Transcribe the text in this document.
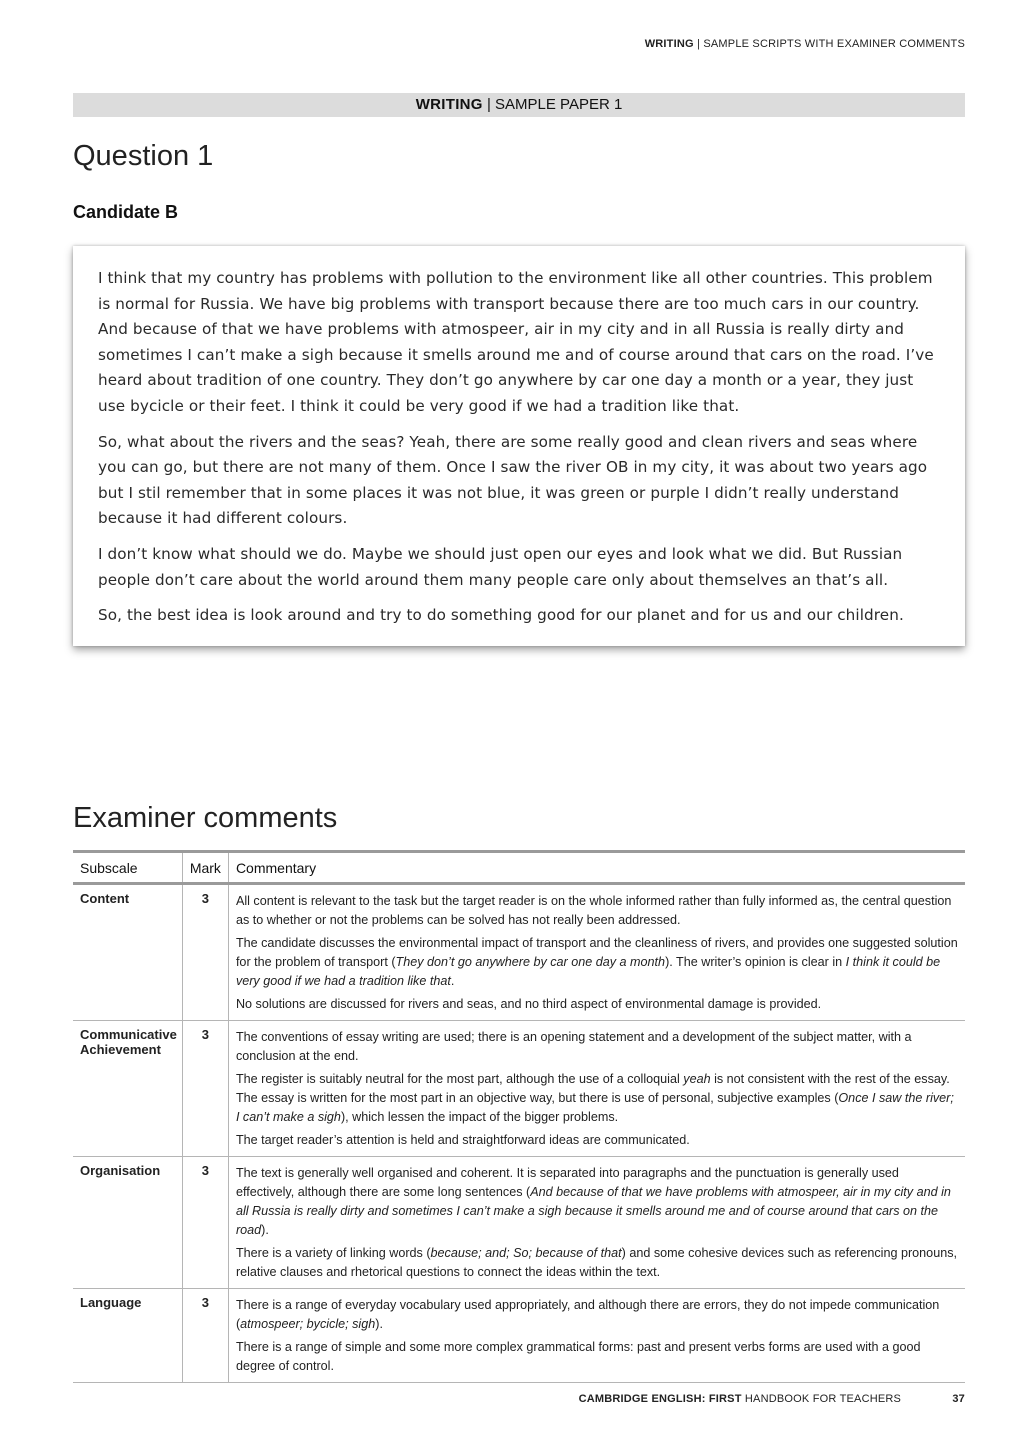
WRITING | SAMPLE SCRIPTS WITH EXAMINER COMMENTS
WRITING | SAMPLE PAPER 1
Question 1
Candidate B

I think that my country has problems with pollution to the environment like all other countries. This problem is normal for Russia. We have big problems with transport because there are too much cars in our country. And because of that we have problems with atmospeer, air in my city and in all Russia is really dirty and sometimes I can’t make a sigh because it smells around me and of course around that cars on the road. I’ve heard about tradition of one country. They don’t go anywhere by car one day a month or a year, they just use bycicle or their feet. I think it could be very good if we had a tradition like that.

So, what about the rivers and the seas? Yeah, there are some really good and clean rivers and seas where you can go, but there are not many of them. Once I saw the river OB in my city, it was about two years ago but I stil remember that in some places it was not blue, it was green or purple I didn’t really understand because it had different colours.

I don’t know what should we do. Maybe we should just open our eyes and look what we did. But Russian people don’t care about the world around them many people care only about themselves an that’s all.

So, the best idea is look around and try to do something good for our planet and for us and our children.

Examiner comments
Subscale	Mark	Commentary
Content	3	All content is relevant to the task but the target reader is on the whole informed rather than fully informed as, the central question as to whether or not the problems can be solved has not really been addressed.

The candidate discusses the environmental impact of transport and the cleanliness of rivers, and provides one suggested solution for the problem of transport (They don’t go anywhere by car one day a month). The writer’s opinion is clear in I think it could be very good if we had a tradition like that.

No solutions are discussed for rivers and seas, and no third aspect of environmental damage is provided.

Communicative Achievement	3	The conventions of essay writing are used; there is an opening statement and a development of the subject matter, with a conclusion at the end.

The register is suitably neutral for the most part, although the use of a colloquial yeah is not consistent with the rest of the essay. The essay is written for the most part in an objective way, but there is use of personal, subjective examples (Once I saw the river; I can’t make a sigh), which lessen the impact of the bigger problems.

The target reader’s attention is held and straightforward ideas are communicated.

Organisation	3	The text is generally well organised and coherent. It is separated into paragraphs and the punctuation is generally used effectively, although there are some long sentences (And because of that we have problems with atmospeer, air in my city and in all Russia is really dirty and sometimes I can’t make a sigh because it smells around me and of course around that cars on the road).

There is a variety of linking words (because; and; So; because of that) and some cohesive devices such as referencing pronouns, relative clauses and rhetorical questions to connect the ideas within the text.

Language	3	There is a range of everyday vocabulary used appropriately, and although there are errors, they do not impede communication (atmospeer; bycicle; sigh).

There is a range of simple and some more complex grammatical forms: past and present verbs forms are used with a good degree of control.

CAMBRIDGE ENGLISH: FIRST HANDBOOK FOR TEACHERS	37
